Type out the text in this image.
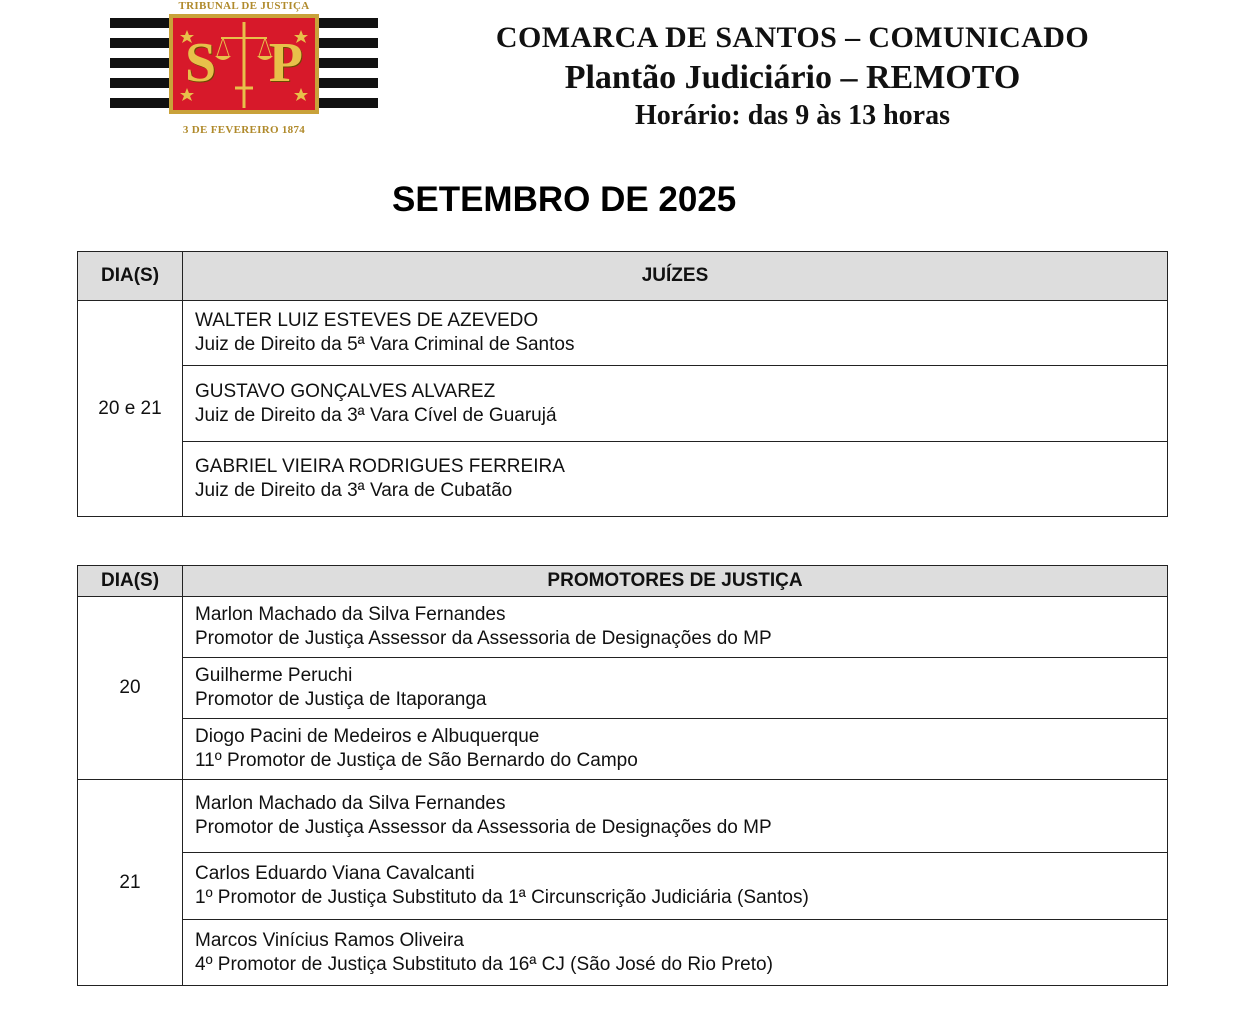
TRIBUNAL DE JUSTIÇA
S P
3 DE FEVEREIRO 1874
COMARCA DE SANTOS – COMUNICADO
Plantão Judiciário – REMOTO
Horário: das 9 às 13 horas
SETEMBRO DE 2025
DIA(S)	JUÍZES
20 e 21	WALTER LUIZ ESTEVES DE AZEVEDO
Juiz de Direito da 5ª Vara Criminal de Santos

	GUSTAVO GONÇALVES ALVAREZ
Juiz de Direito da 3ª Vara Cível de Guarujá

	GABRIEL VIEIRA RODRIGUES FERREIRA
Juiz de Direito da 3ª Vara de Cubatão
DIA(S)	PROMOTORES DE JUSTIÇA
20	Marlon Machado da Silva Fernandes
Promotor de Justiça Assessor da Assessoria de Designações do MP

	Guilherme Peruchi
Promotor de Justiça de Itaporanga

	Diogo Pacini de Medeiros e Albuquerque
11º Promotor de Justiça de São Bernardo do Campo

21	Marlon Machado da Silva Fernandes
Promotor de Justiça Assessor da Assessoria de Designações do MP

	Carlos Eduardo Viana Cavalcanti
1º Promotor de Justiça Substituto da 1ª Circunscrição Judiciária (Santos)

	Marcos Vinícius Ramos Oliveira
4º Promotor de Justiça Substituto da 16ª CJ (São José do Rio Preto)
